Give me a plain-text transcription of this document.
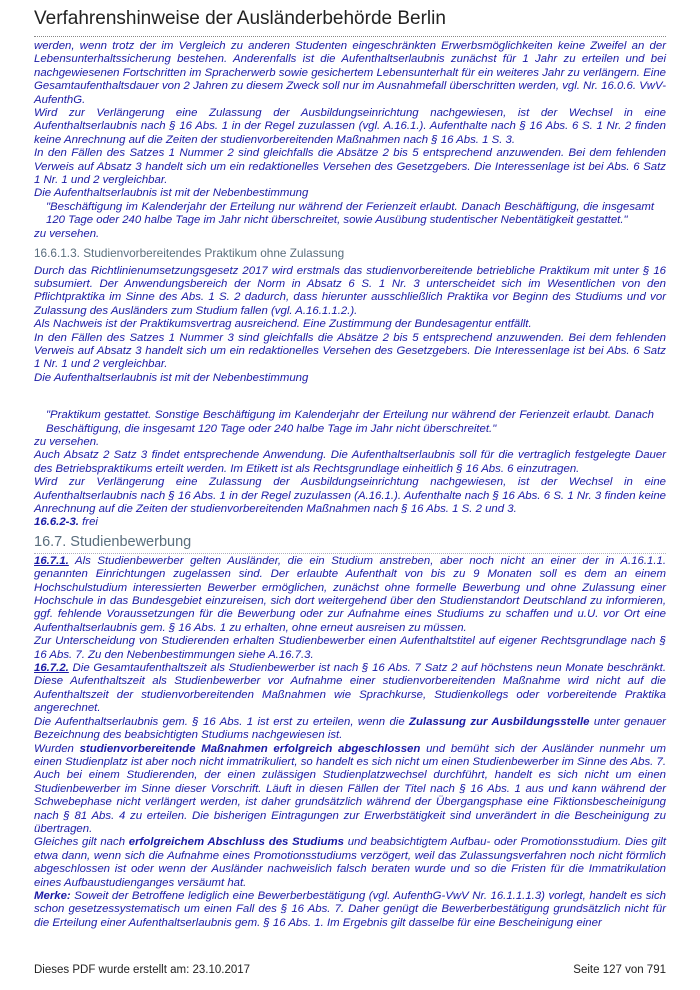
Verfahrenshinweise der Ausländerbehörde Berlin

werden, wenn trotz der im Vergleich zu anderen Studenten eingeschränkten Erwerbsmöglichkeiten keine Zweifel an der Lebensunterhaltssicherung bestehen. Anderenfalls ist die Aufenthaltserlaubnis zunächst für 1 Jahr zu erteilen und bei nachgewiesenen Fortschritten im Spracherwerb sowie gesichertem Lebensunterhalt für ein weiteres Jahr zu verlängern. Eine Gesamtaufenthaltsdauer von 2 Jahren zu diesem Zweck soll nur im Ausnahmefall überschritten werden, vgl. Nr. 16.0.6. VwV-AufenthG.

Wird zur Verlängerung eine Zulassung der Ausbildungseinrichtung nachgewiesen, ist der Wechsel in eine Aufenthaltserlaubnis nach § 16 Abs. 1 in der Regel zuzulassen (vgl. A.16.1.). Aufenthalte nach § 16 Abs. 6 S. 1 Nr. 2 finden keine Anrechnung auf die Zeiten der studienvorbereitenden Maßnahmen nach § 16 Abs. 1 S. 3.

In den Fällen des Satzes 1 Nummer 2 sind gleichfalls die Absätze 2 bis 5 entsprechend anzuwenden. Bei dem fehlenden Verweis auf Absatz 3 handelt sich um ein redaktionelles Versehen des Gesetzgebers. Die Interessenlage ist bei Abs. 6 Satz 1 Nr. 1 und 2 vergleichbar.

Die Aufenthaltserlaubnis ist mit der Nebenbestimmung

"Beschäftigung im Kalenderjahr der Erteilung nur während der Ferienzeit erlaubt. Danach Beschäftigung, die insgesamt 120 Tage oder 240 halbe Tage im Jahr nicht überschreitet, sowie Ausübung studentischer Nebentätigkeit gestattet."

zu versehen.

16.6.1.3. Studienvorbereitendes Praktikum ohne Zulassung

Durch das Richtlinienumsetzungsgesetz 2017 wird erstmals das studienvorbereitende betriebliche Praktikum mit unter § 16 subsumiert. Der Anwendungsbereich der Norm in Absatz 6 S. 1 Nr. 3 unterscheidet sich im Wesentlichen von den Pflichtpraktika im Sinne des Abs. 1 S. 2 dadurch, dass hierunter ausschließlich Praktika vor Beginn des Studiums und vor Zulassung des Ausländers zum Studium fallen (vgl. A.16.1.1.2.).

Als Nachweis ist der Praktikumsvertrag ausreichend. Eine Zustimmung der Bundesagentur entfällt.

In den Fällen des Satzes 1 Nummer 3 sind gleichfalls die Absätze 2 bis 5 entsprechend anzuwenden. Bei dem fehlenden Verweis auf Absatz 3 handelt sich um ein redaktionelles Versehen des Gesetzgebers. Die Interessenlage ist bei Abs. 6 Satz 1 Nr. 1 und 2 vergleichbar.

Die Aufenthaltserlaubnis ist mit der Nebenbestimmung

"Praktikum gestattet. Sonstige Beschäftigung im Kalenderjahr der Erteilung nur während der Ferienzeit erlaubt. Danach Beschäftigung, die insgesamt 120 Tage oder 240 halbe Tage im Jahr nicht überschreitet."

zu versehen.

Auch Absatz 2 Satz 3 findet entsprechende Anwendung. Die Aufenthaltserlaubnis soll für die vertraglich festgelegte Dauer des Betriebspraktikums erteilt werden. Im Etikett ist als Rechtsgrundlage einheitlich § 16 Abs. 6 einzutragen.

Wird zur Verlängerung eine Zulassung der Ausbildungseinrichtung nachgewiesen, ist der Wechsel in eine Aufenthaltserlaubnis nach § 16 Abs. 1 in der Regel zuzulassen (A.16.1.). Aufenthalte nach § 16 Abs. 6 S. 1 Nr. 3 finden keine Anrechnung auf die Zeiten der studienvorbereitenden Maßnahmen nach § 16 Abs. 1 S. 2 und 3.

16.6.2-3. frei

16.7. Studienbewerbung

16.7.1. Als Studienbewerber gelten Ausländer, die ein Studium anstreben, aber noch nicht an einer der in A.16.1.1. genannten Einrichtungen zugelassen sind. Der erlaubte Aufenthalt von bis zu 9 Monaten soll es dem an einem Hochschulstudium interessierten Bewerber ermöglichen, zunächst ohne formelle Bewerbung und ohne Zulassung einer Hochschule in das Bundesgebiet einzureisen, sich dort weitergehend über den Studienstandort Deutschland zu informieren, ggf. fehlende Voraussetzungen für die Bewerbung oder zur Aufnahme eines Studiums zu schaffen und u.U. vor Ort eine Aufenthaltserlaubnis gem. § 16 Abs. 1 zu erhalten, ohne erneut ausreisen zu müssen.

Zur Unterscheidung von Studierenden erhalten Studienbewerber einen Aufenthaltstitel auf eigener Rechtsgrundlage nach § 16 Abs. 7. Zu den Nebenbestimmungen siehe A.16.7.3.

16.7.2. Die Gesamtaufenthaltszeit als Studienbewerber ist nach § 16 Abs. 7 Satz 2 auf höchstens neun Monate beschränkt. Diese Aufenthaltszeit als Studienbewerber vor Aufnahme einer studienvorbereitenden Maßnahme wird nicht auf die Aufenthaltszeit der studienvorbereitenden Maßnahmen wie Sprachkurse, Studienkollegs oder vorbereitende Praktika angerechnet.

Die Aufenthaltserlaubnis gem. § 16 Abs. 1 ist erst zu erteilen, wenn die Zulassung zur Ausbildungsstelle unter genauer Bezeichnung des beabsichtigten Studiums nachgewiesen ist.

Wurden studienvorbereitende Maßnahmen erfolgreich abgeschlossen und bemüht sich der Ausländer nunmehr um einen Studienplatz ist aber noch nicht immatrikuliert, so handelt es sich nicht um einen Studienbewerber im Sinne des Abs. 7. Auch bei einem Studierenden, der einen zulässigen Studienplatzwechsel durchführt, handelt es sich nicht um einen Studienbewerber im Sinne dieser Vorschrift. Läuft in diesen Fällen der Titel nach § 16 Abs. 1 aus und kann während der Schwebephase nicht verlängert werden, ist daher grundsätzlich während der Übergangsphase eine Fiktionsbescheinigung nach § 81 Abs. 4 zu erteilen. Die bisherigen Eintragungen zur Erwerbstätigkeit sind unverändert in die Bescheinigung zu übertragen.

Gleiches gilt nach erfolgreichem Abschluss des Studiums und beabsichtigtem Aufbau- oder Promotionsstudium. Dies gilt etwa dann, wenn sich die Aufnahme eines Promotionsstudiums verzögert, weil das Zulassungsverfahren noch nicht förmlich abgeschlossen ist oder wenn der Ausländer nachweislich falsch beraten wurde und so die Fristen für die Immatrikulation eines Aufbaustudienganges versäumt hat.

Merke: Soweit der Betroffene lediglich eine Bewerberbestätigung (vgl. AufenthG-VwV Nr. 16.1.1.1.3) vorlegt, handelt es sich schon gesetzessystematisch um einen Fall des § 16 Abs. 7. Daher genügt die Bewerberbestätigung grundsätzlich nicht für die Erteilung einer Aufenthaltserlaubnis gem. § 16 Abs. 1. Im Ergebnis gilt dasselbe für eine Bescheinigung einer

Dieses PDF wurde erstellt am: 23.10.2017	Seite 127 von 791
